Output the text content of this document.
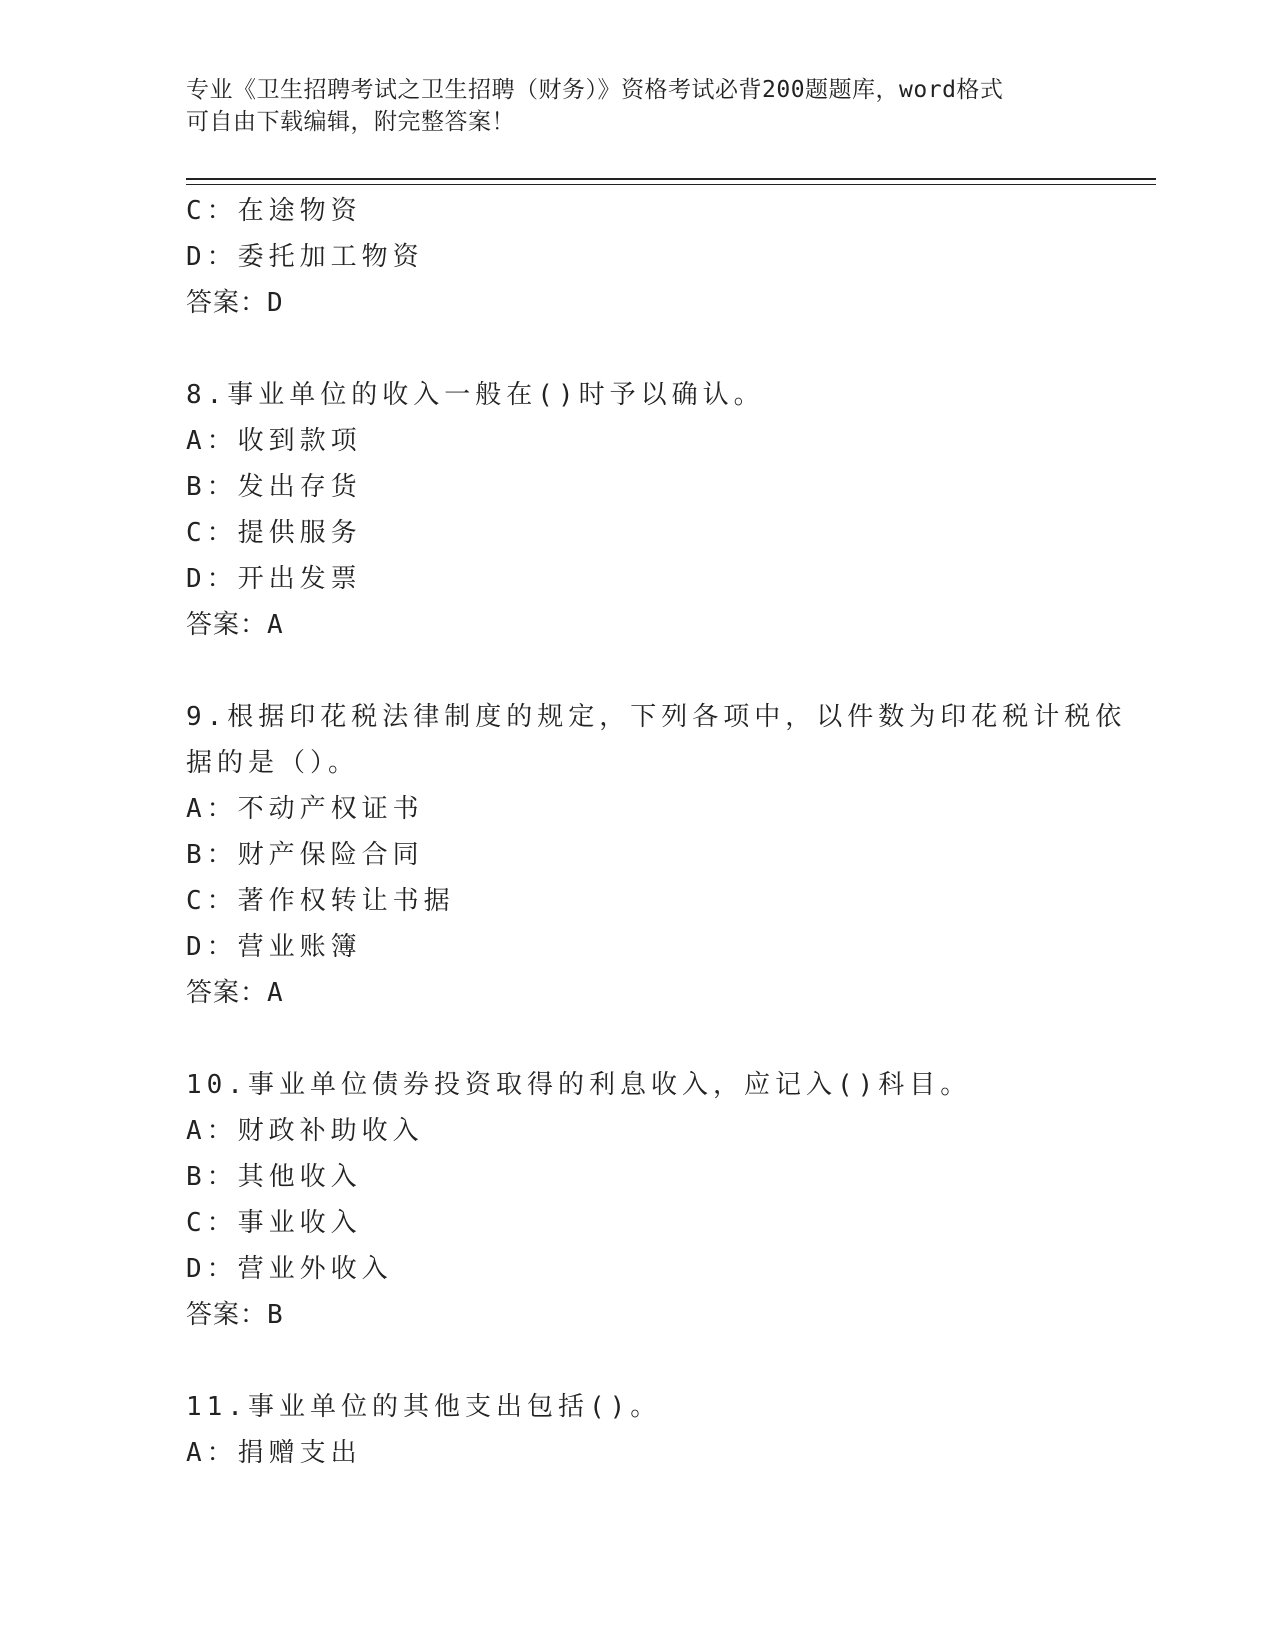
专业《卫生招聘考试之卫生招聘（财务）》资格考试必背200题题库，word格式
可自由下载编辑，附完整答案！
C：在途物资
D：委托加工物资
答案：D
8.事业单位的收入一般在()时予以确认。
A：收到款项
B：发出存货
C：提供服务
D：开出发票
答案：A
9.根据印花税法律制度的规定，下列各项中，以件数为印花税计税依
据的是（）。
A：不动产权证书
B：财产保险合同
C：著作权转让书据
D：营业账簿
答案：A
10.事业单位债券投资取得的利息收入，应记入()科目。
A：财政补助收入
B：其他收入
C：事业收入
D：营业外收入
答案：B
11.事业单位的其他支出包括()。
A：捐赠支出
